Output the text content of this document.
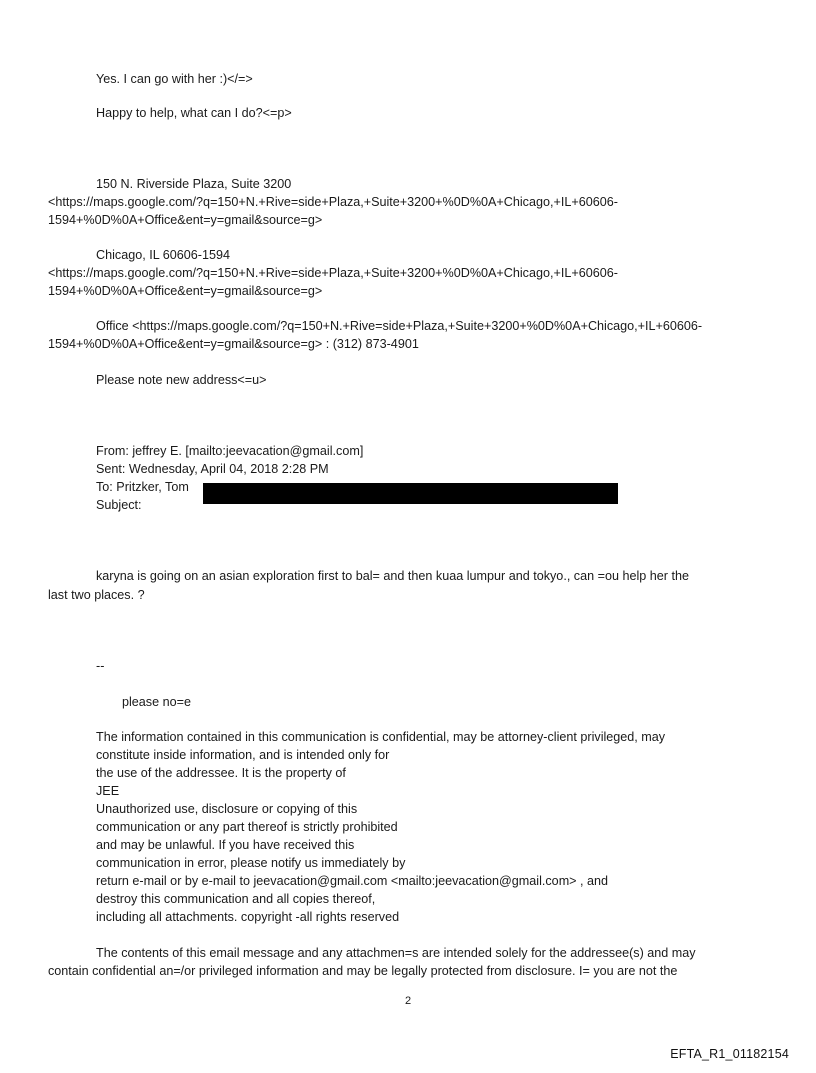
Yes. I can go with her :)</=>
Happy to help, what can I do?<=p>
150 N. Riverside Plaza, Suite 3200
<https://maps.google.com/?q=150+N.+Rive=side+Plaza,+Suite+3200+%0D%0A+Chicago,+IL+60606-
1594+%0D%0A+Office&ent=y=gmail&source=g>
Chicago, IL 60606-1594
<https://maps.google.com/?q=150+N.+Rive=side+Plaza,+Suite+3200+%0D%0A+Chicago,+IL+60606-
1594+%0D%0A+Office&ent=y=gmail&source=g>
Office <https://maps.google.com/?q=150+N.+Rive=side+Plaza,+Suite+3200+%0D%0A+Chicago,+IL+60606-
1594+%0D%0A+Office&ent=y=gmail&source=g> : (312) 873-4901
Please note new address<=u>
From: jeffrey E. [mailto:jeevacation@gmail.com]
Sent: Wednesday, April 04, 2018 2:28 PM
To: Pritzker, Tom
Subject:
karyna is going on an asian exploration first to bal= and then kuaa lumpur and tokyo., can =ou help her the
last two places. ?
--
please no=e
The information contained in this communication is confidential, may be attorney-client privileged, may
constitute inside information, and is intended only for
the use of the addressee. It is the property of
JEE
Unauthorized use, disclosure or copying of this
communication or any part thereof is strictly prohibited
and may be unlawful. If you have received this
communication in error, please notify us immediately by
return e-mail or by e-mail to jeevacation@gmail.com <mailto:jeevacation@gmail.com> , and
destroy this communication and all copies thereof,
including all attachments. copyright -all rights reserved
The contents of this email message and any attachmen=s are intended solely for the addressee(s) and may
contain confidential an=/or privileged information and may be legally protected from disclosure. I= you are not the
2
EFTA_R1_01182154
